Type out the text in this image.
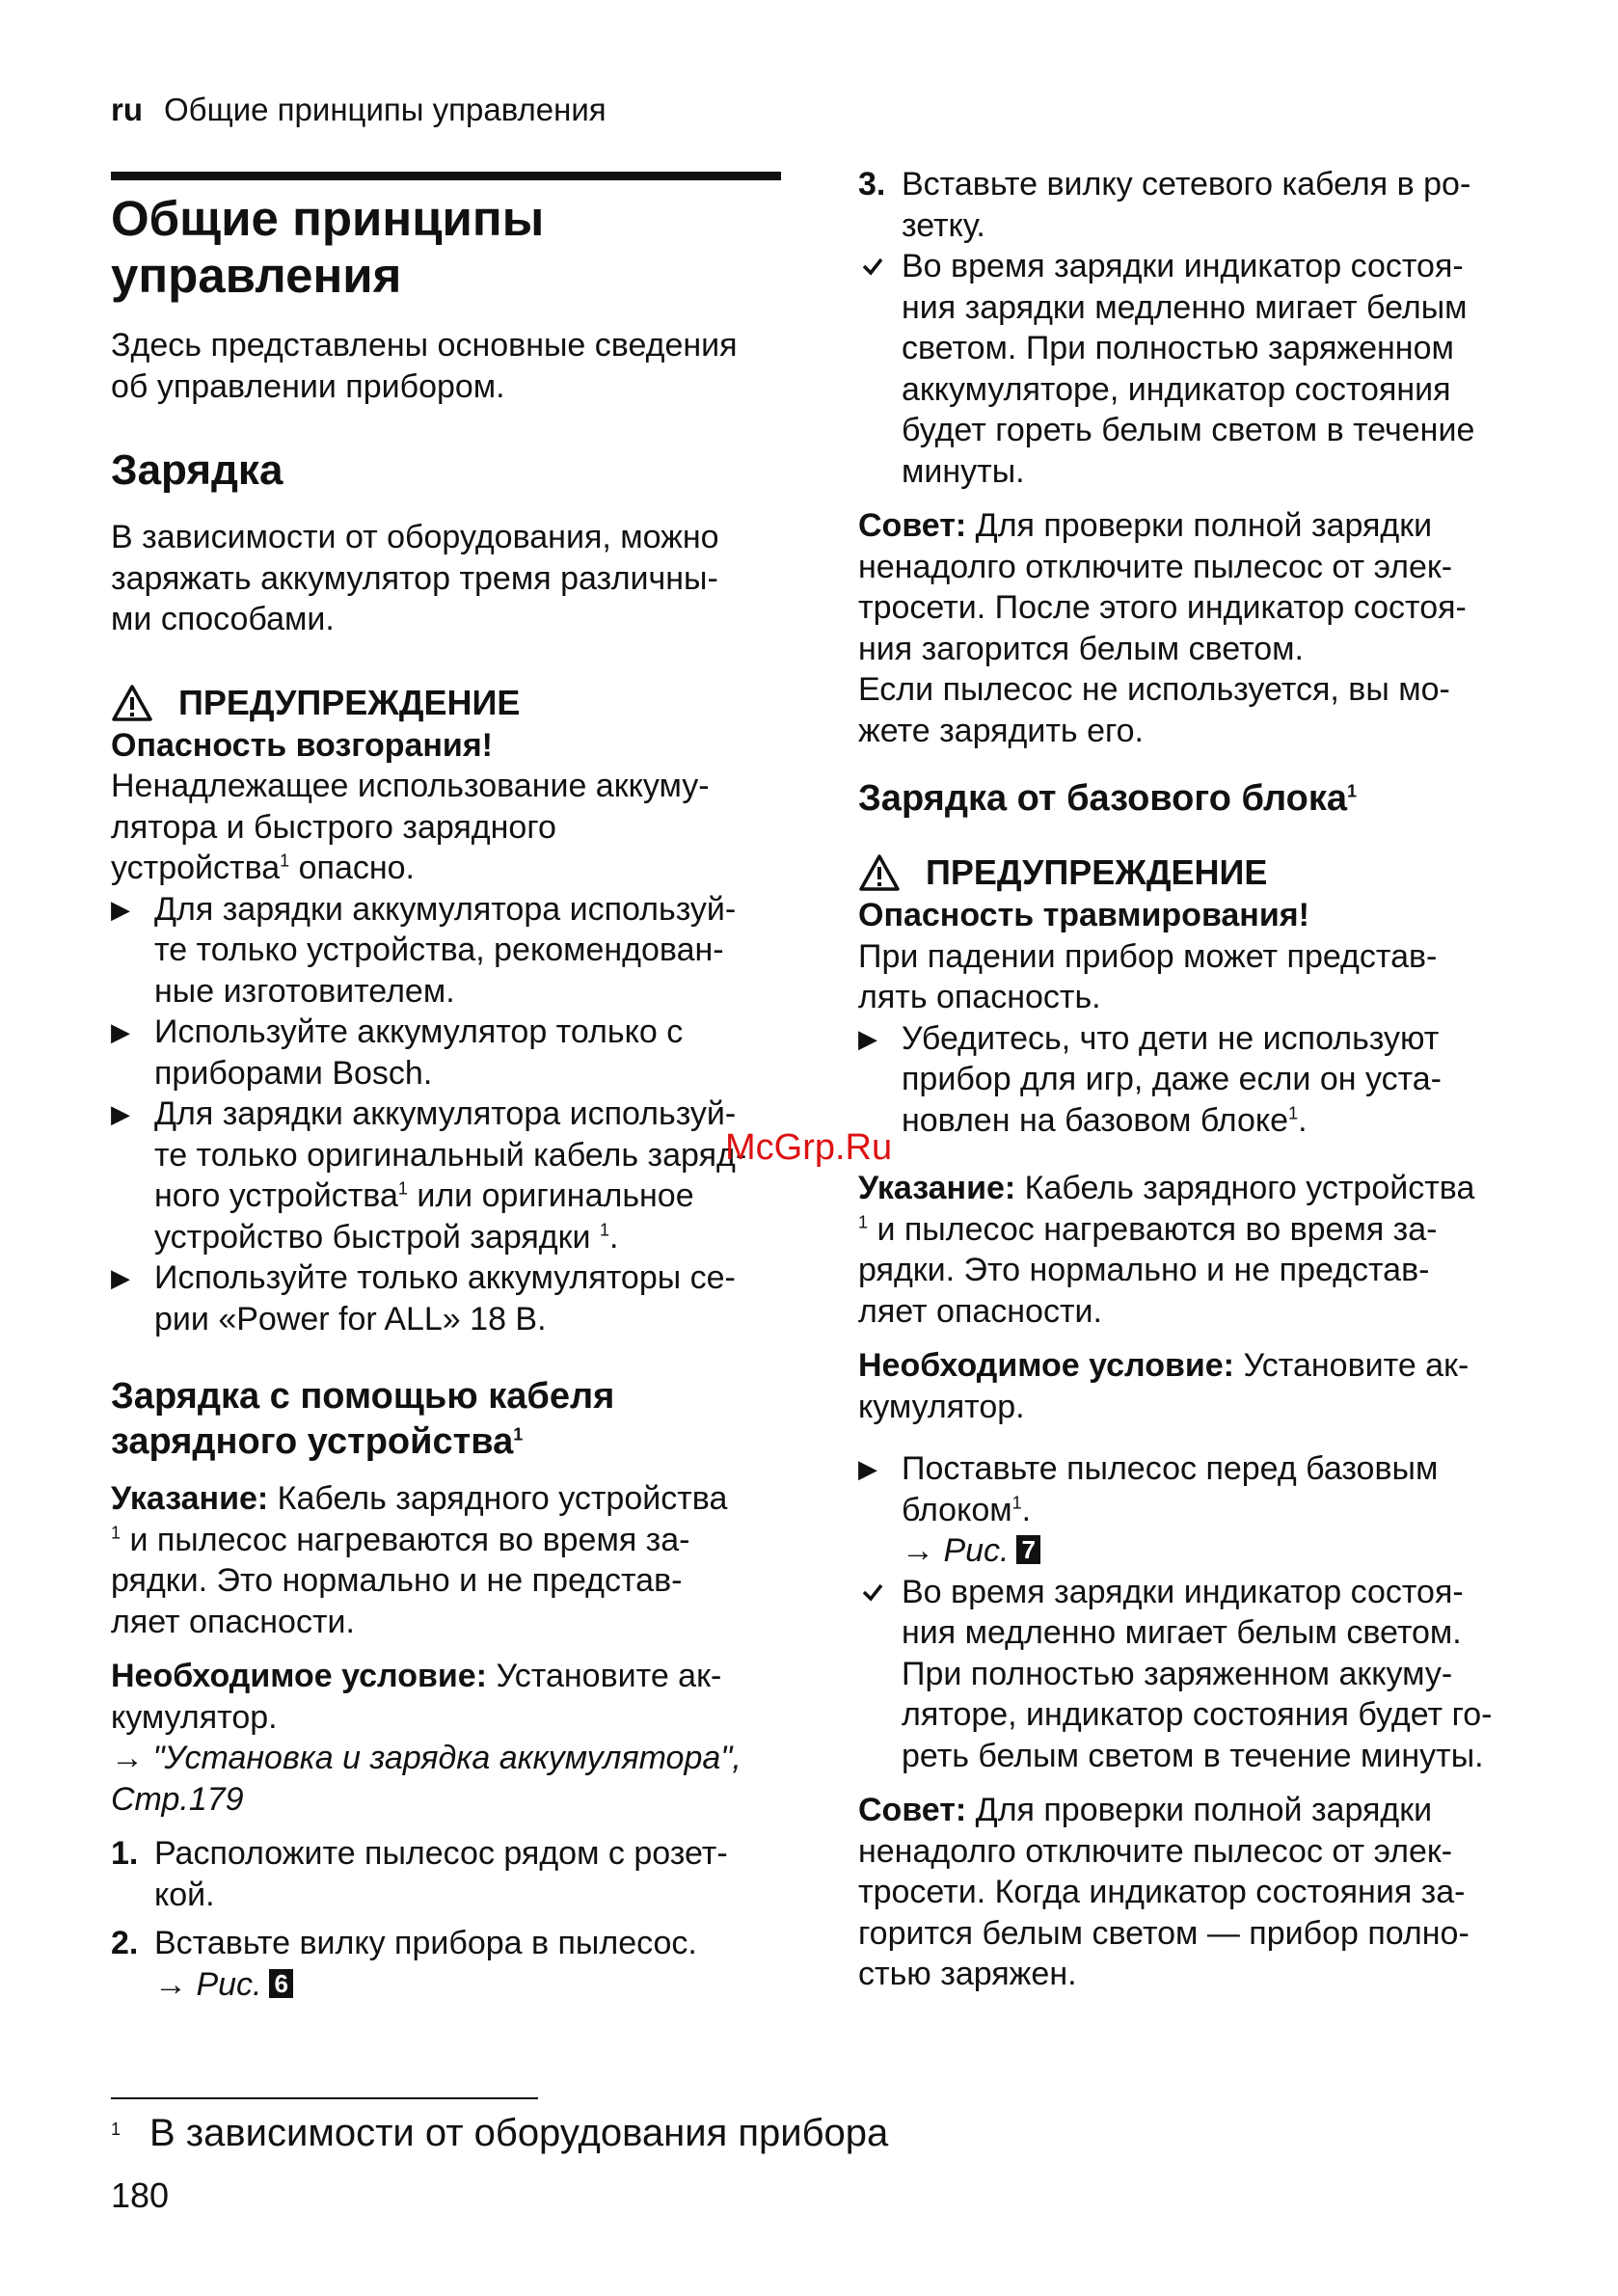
ru Общие принципы управления
Общие принципы
управления
Здесь представлены основные сведения
об управлении прибором.
Зарядка
В зависимости от оборудования, можно
заряжать аккумулятор тремя различны-
ми способами.
ПРЕДУПРЕЖДЕНИЕ
Опасность возгорания!
Ненадлежащее использование аккуму-
лятора и быстрого зарядного
устройства$^1$ опасно.
▶ Для зарядки аккумулятора используй-
те только устройства, рекомендован-
ные изготовителем.
▶ Используйте аккумулятор только с
приборами Bosch.
▶ Для зарядки аккумулятора используй-
те только оригинальный кабель заряд-
ного устройства$^1$ или оригинальное
устройство быстрой зарядки $^1$.
▶ Используйте только аккумуляторы се-
рии «Power for ALL» 18 В.
Зарядка с помощью кабеля
зарядного устройства$^1$
Указание: Кабель зарядного устройства
$^1$ и пылесос нагреваются во время за-
рядки. Это нормально и не представ-
ляет опасности.
Необходимое условие: Установите ак-
кумулятор.
→ "Установка и зарядка аккумулятора",
Стр.179
1. Расположите пылесос рядом с розет-
кой.
2. Вставьте вилку прибора в пылесос.
→ Рис. 6
3. Вставьте вилку сетевого кабеля в ро-
зетку.
Во время зарядки индикатор состоя-
ния зарядки медленно мигает белым
светом. При полностью заряженном
аккумуляторе, индикатор состояния
будет гореть белым светом в течение
минуты.
Совет: Для проверки полной зарядки
ненадолго отключите пылесос от элек-
тросети. После этого индикатор состоя-
ния загорится белым светом.
Если пылесос не используется, вы мо-
жете зарядить его.
Зарядка от базового блока$^1$
ПРЕДУПРЕЖДЕНИЕ
Опасность травмирования!
При падении прибор может представ-
лять опасность.
▶ Убедитесь, что дети не используют
прибор для игр, даже если он уста-
новлен на базовом блоке$^1$.
Указание: Кабель зарядного устройства
$^1$ и пылесос нагреваются во время за-
рядки. Это нормально и не представ-
ляет опасности.
Необходимое условие: Установите ак-
кумулятор.
▶ Поставьте пылесос перед базовым
блоком$^1$.
→ Рис. 7
Во время зарядки индикатор состоя-
ния медленно мигает белым светом.
При полностью заряженном аккуму-
ляторе, индикатор состояния будет го-
реть белым светом в течение минуты.
Совет: Для проверки полной зарядки
ненадолго отключите пылесос от элек-
тросети. Когда индикатор состояния за-
горится белым светом — прибор полно-
стью заряжен.
McGrp.Ru
$^1$ В зависимости от оборудования прибора
180
